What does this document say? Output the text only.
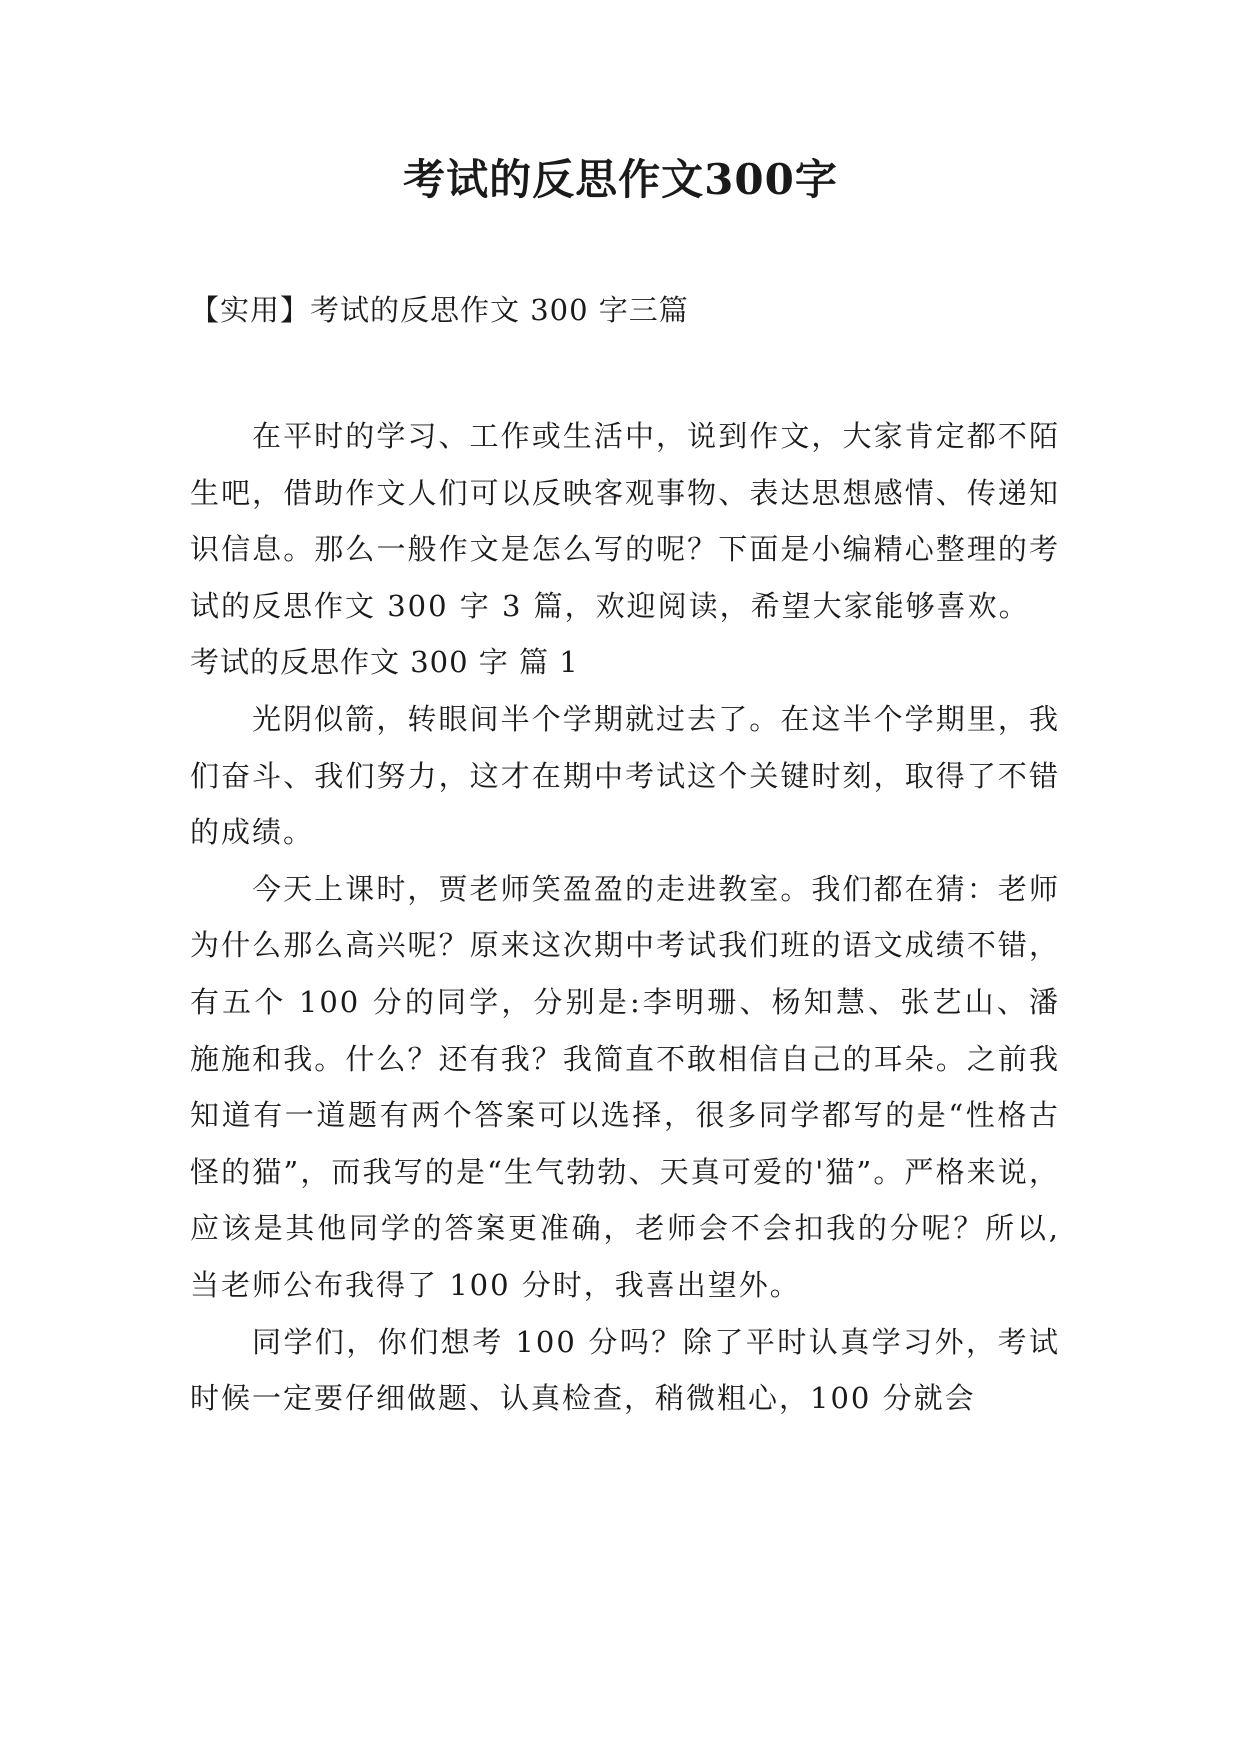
考试的反思作文300字
【实用】考试的反思作文 300 字三篇

在平时的学习、工作或生活中，说到作文，大家肯定都不陌生吧，借助作文人们可以反映客观事物、表达思想感情、传递知识信息。那么一般作文是怎么写的呢？下面是小编精心整理的考试的反思作文 300 字 3 篇，欢迎阅读，希望大家能够喜欢。

考试的反思作文 300 字 篇 1

光阴似箭，转眼间半个学期就过去了。在这半个学期里，我们奋斗、我们努力，这才在期中考试这个关键时刻，取得了不错的成绩。

今天上课时，贾老师笑盈盈的走进教室。我们都在猜：老师为什么那么高兴呢？原来这次期中考试我们班的语文成绩不错，有五个 100 分的同学，分别是:李明珊、杨知慧、张艺山、潘施施和我。什么？还有我？我简直不敢相信自己的耳朵。之前我知道有一道题有两个答案可以选择，很多同学都写的是“性格古怪的猫”，而我写的是“生气勃勃、天真可爱的'猫”。严格来说，应该是其他同学的答案更准确，老师会不会扣我的分呢？所以,当老师公布我得了 100 分时，我喜出望外。

同学们，你们想考 100 分吗？除了平时认真学习外，考试时候一定要仔细做题、认真检查，稍微粗心，100 分就会
